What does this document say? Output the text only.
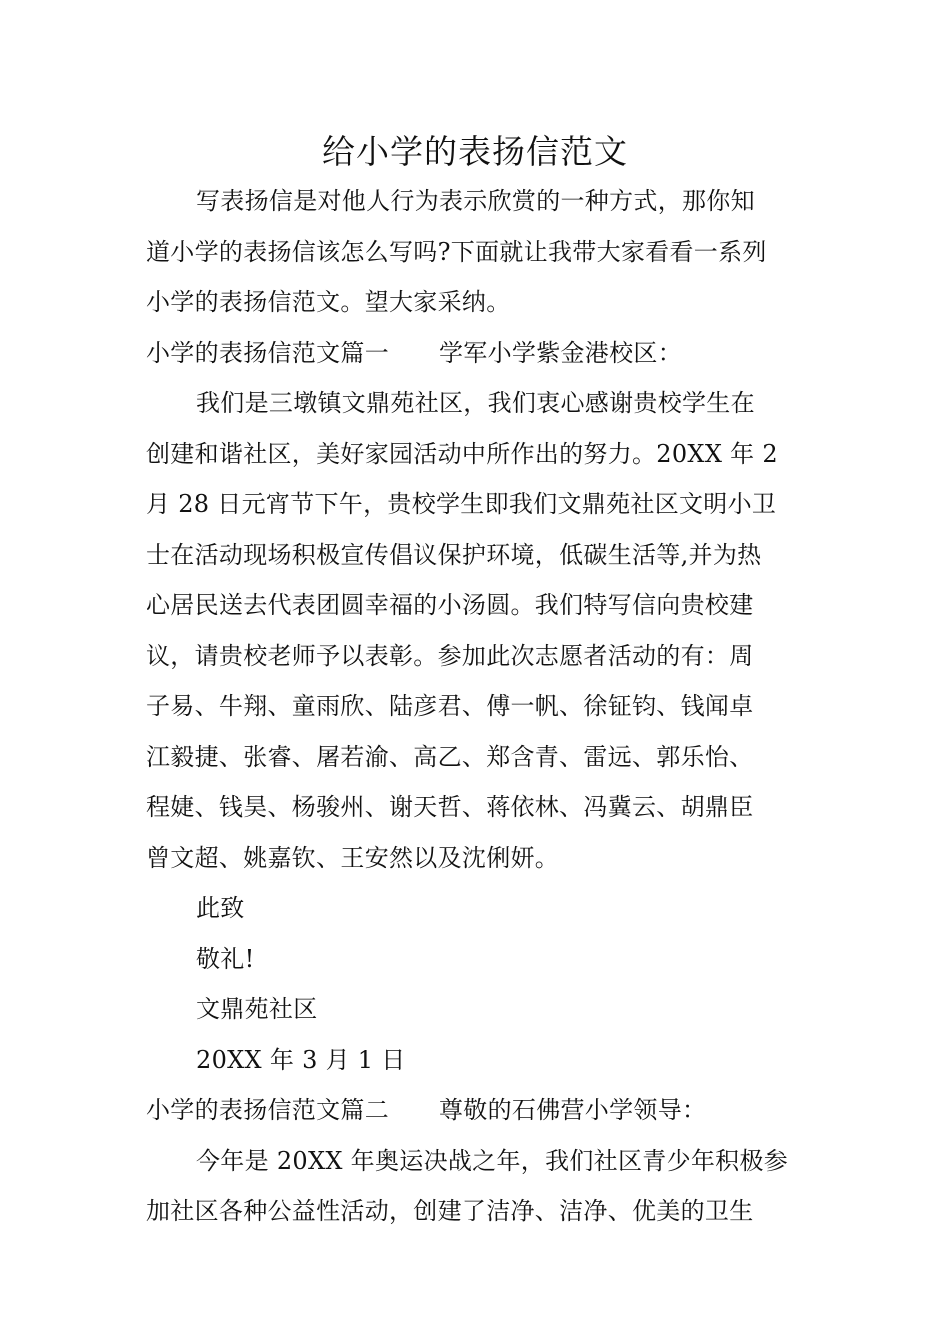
给小学的表扬信范文
写表扬信是对他人行为表示欣赏的一种方式，那你知
道小学的表扬信该怎么写吗?下面就让我带大家看看一系列
小学的表扬信范文。望大家采纳。
小学的表扬信范文篇一 学军小学紫金港校区：
我们是三墩镇文鼎苑社区，我们衷心感谢贵校学生在
创建和谐社区，美好家园活动中所作出的努力。20XX 年 2
月 28 日元宵节下午，贵校学生即我们文鼎苑社区文明小卫
士在活动现场积极宣传倡议保护环境，低碳生活等,并为热
心居民送去代表团圆幸福的小汤圆。我们特写信向贵校建
议，请贵校老师予以表彰。参加此次志愿者活动的有：周
子易、牛翔、童雨欣、陆彦君、傅一帆、徐钲钧、钱闻卓
江毅捷、张睿、屠若渝、高乙、郑含青、雷远、郭乐怡、
程婕、钱昊、杨骏州、谢天哲、蒋依林、冯冀云、胡鼎臣
曾文超、姚嘉钦、王安然以及沈俐妍。
此致
敬礼!
文鼎苑社区
20XX 年 3 月 1 日
小学的表扬信范文篇二 尊敬的石佛营小学领导：
今年是 20XX 年奥运决战之年，我们社区青少年积极参
加社区各种公益性活动，创建了洁净、洁净、优美的卫生
